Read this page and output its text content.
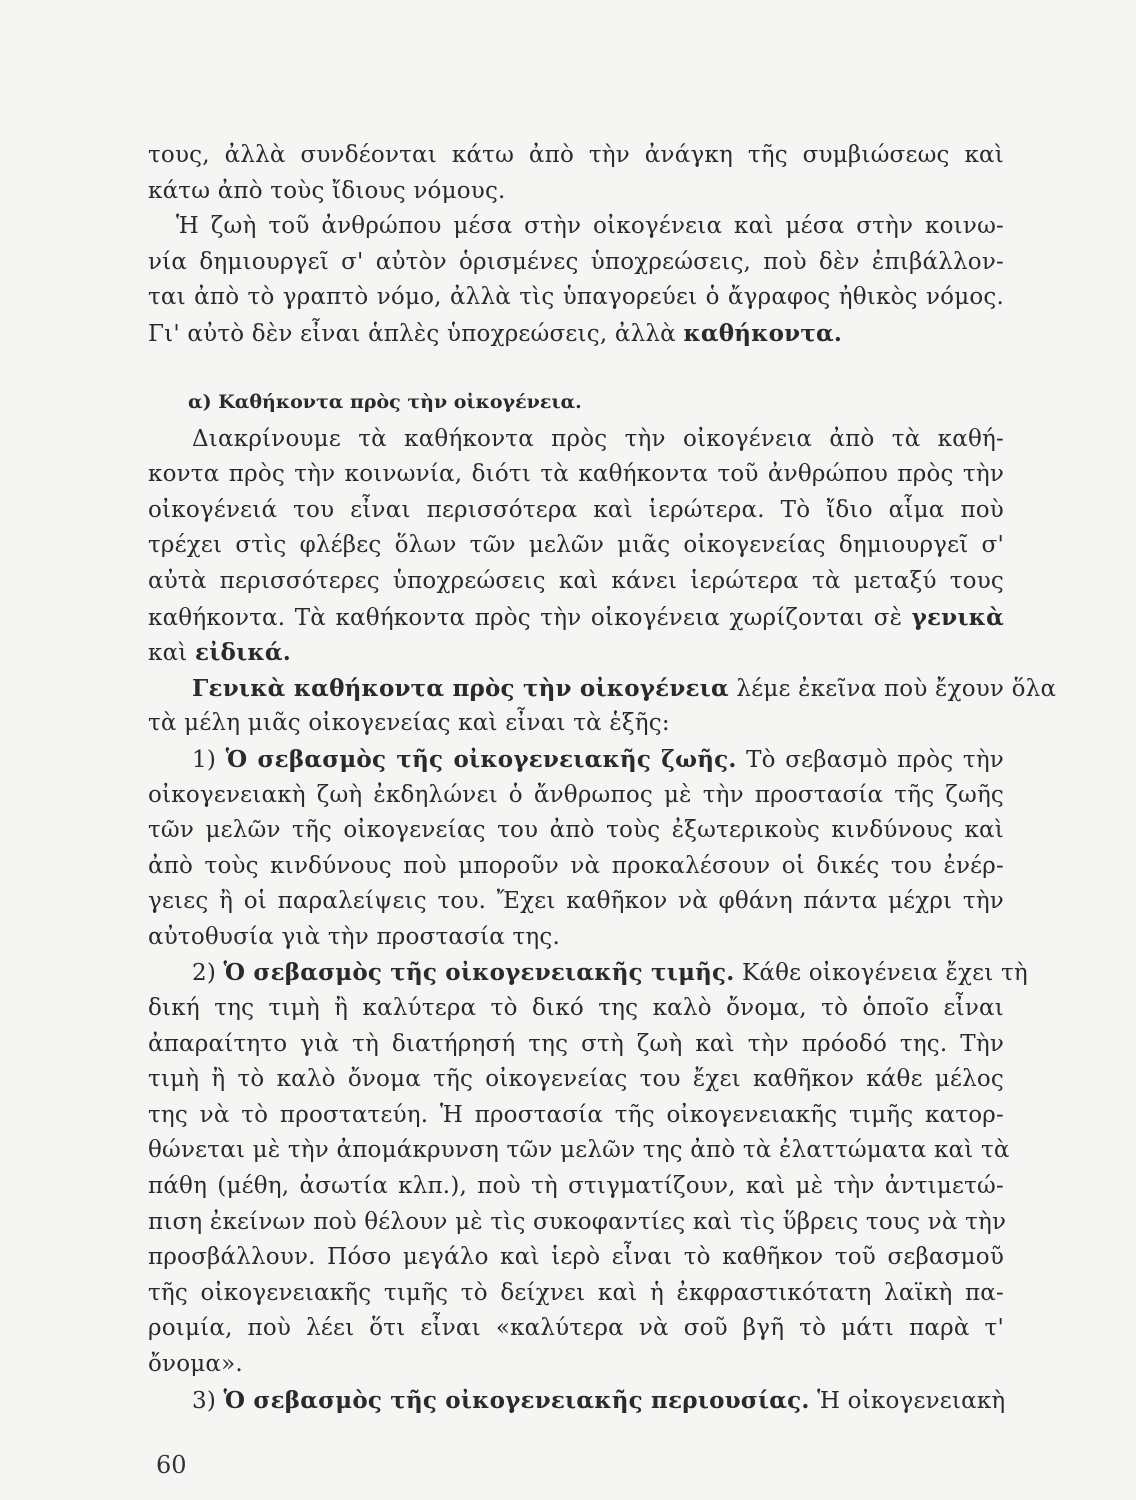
τους, ἀλλὰ συνδέονται κάτω ἀπὸ τὴν ἀνάγκη τῆς συμβιώσεως καὶ
κάτω ἀπὸ τοὺς ἴδιους νόμους.
Ἡ ζωὴ τοῦ ἀνθρώπου μέσα στὴν οἰκογένεια καὶ μέσα στὴν κοινω-
νία δημιουργεῖ σ' αὐτὸν ὁρισμένες ὑποχρεώσεις, ποὺ δὲν ἐπιβάλλον-
ται ἀπὸ τὸ γραπτὸ νόμο, ἀλλὰ τὶς ὑπαγορεύει ὁ ἄγραφος ἠθικὸς νόμος.
Γι' αὐτὸ δὲν εἶναι ἁπλὲς ὑποχρεώσεις, ἀλλὰ καθήκοντα.
α) Καθήκοντα πρὸς τὴν οἰκογένεια.
Διακρίνουμε τὰ καθήκοντα πρὸς τὴν οἰκογένεια ἀπὸ τὰ καθή-
κοντα πρὸς τὴν κοινωνία, διότι τὰ καθήκοντα τοῦ ἀνθρώπου πρὸς τὴν
οἰκογένειά του εἶναι περισσότερα καὶ ἱερώτερα. Τὸ ἴδιο αἷμα ποὺ
τρέχει στὶς φλέβες ὅλων τῶν μελῶν μιᾶς οἰκογενείας δημιουργεῖ σ'
αὐτὰ περισσότερες ὑποχρεώσεις καὶ κάνει ἱερώτερα τὰ μεταξύ τους
καθήκοντα. Τὰ καθήκοντα πρὸς τὴν οἰκογένεια χωρίζονται σὲ γενικὰ
καὶ εἰδικά.
Γενικὰ καθήκοντα πρὸς τὴν οἰκογένεια λέμε ἐκεῖνα ποὺ ἔχουν ὅλα
τὰ μέλη μιᾶς οἰκογενείας καὶ εἶναι τὰ ἑξῆς:
1) Ὁ σεβασμὸς τῆς οἰκογενειακῆς ζωῆς. Τὸ σεβασμὸ πρὸς τὴν
οἰκογενειακὴ ζωὴ ἐκδηλώνει ὁ ἄνθρωπος μὲ τὴν προστασία τῆς ζωῆς
τῶν μελῶν τῆς οἰκογενείας του ἀπὸ τοὺς ἐξωτερικοὺς κινδύνους καὶ
ἀπὸ τοὺς κινδύνους ποὺ μποροῦν νὰ προκαλέσουν οἱ δικές του ἐνέρ-
γειες ἢ οἱ παραλείψεις του. Ἔχει καθῆκον νὰ φθάνη πάντα μέχρι τὴν
αὐτοθυσία γιὰ τὴν προστασία της.
2) Ὁ σεβασμὸς τῆς οἰκογενειακῆς τιμῆς. Κάθε οἰκογένεια ἔχει τὴ
δική της τιμὴ ἢ καλύτερα τὸ δικό της καλὸ ὄνομα, τὸ ὁποῖο εἶναι
ἀπαραίτητο γιὰ τὴ διατήρησή της στὴ ζωὴ καὶ τὴν πρόοδό της. Τὴν
τιμὴ ἢ τὸ καλὸ ὄνομα τῆς οἰκογενείας του ἔχει καθῆκον κάθε μέλος
της νὰ τὸ προστατεύη. Ἡ προστασία τῆς οἰκογενειακῆς τιμῆς κατορ-
θώνεται μὲ τὴν ἀπομάκρυνση τῶν μελῶν της ἀπὸ τὰ ἐλαττώματα καὶ τὰ
πάθη (μέθη, ἀσωτία κλπ.), ποὺ τὴ στιγματίζουν, καὶ μὲ τὴν ἀντιμετώ-
πιση ἐκείνων ποὺ θέλουν μὲ τὶς συκοφαντίες καὶ τὶς ὕβρεις τους νὰ τὴν
προσβάλλουν. Πόσο μεγάλο καὶ ἱερὸ εἶναι τὸ καθῆκον τοῦ σεβασμοῦ
τῆς οἰκογενειακῆς τιμῆς τὸ δείχνει καὶ ἡ ἐκφραστικότατη λαϊκὴ πα-
ροιμία, ποὺ λέει ὅτι εἶναι «καλύτερα νὰ σοῦ βγῆ τὸ μάτι παρὰ τ'
ὄνομα».
3) Ὁ σεβασμὸς τῆς οἰκογενειακῆς περιουσίας. Ἡ οἰκογενειακὴ
60
